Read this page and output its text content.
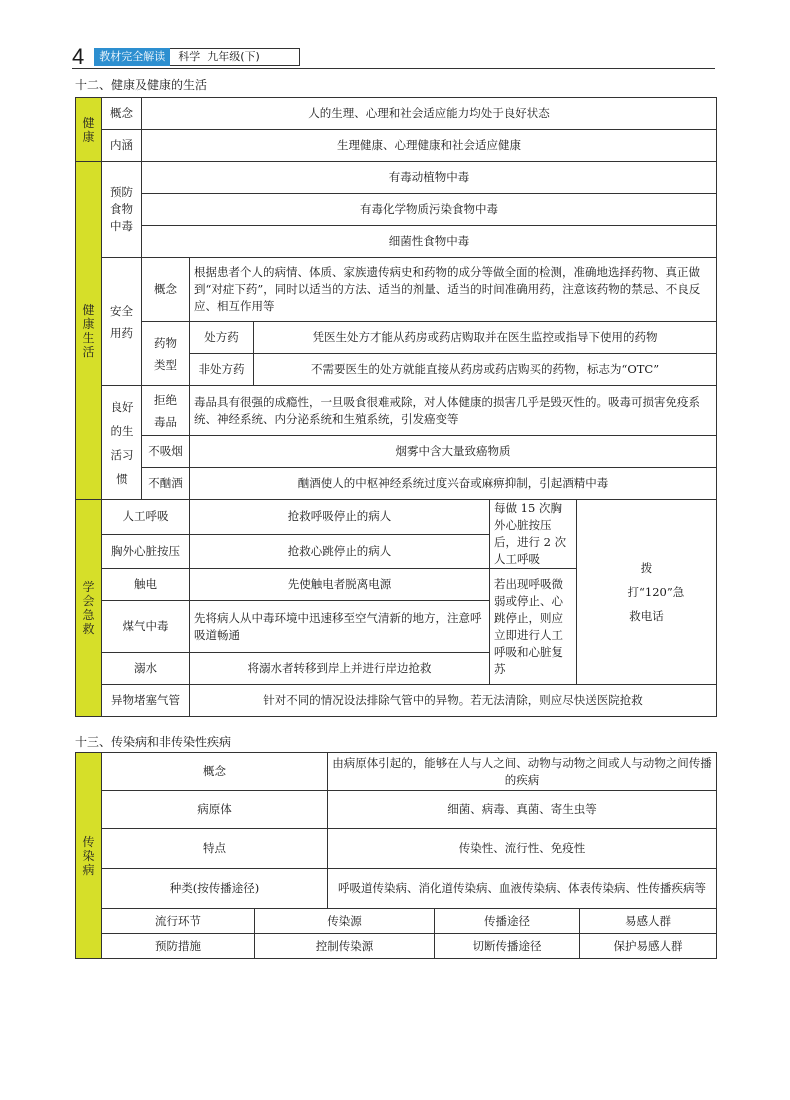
4	教材完全解读	科学 九年级(下)
十二、健康及健康的生活
健康	概念	人的生理、心理和社会适应能力均处于良好状态				
	内涵	生理健康、心理健康和社会适应健康				
健康生活	预防食物中毒	有毒动植物中毒				
		有毒化学物质污染食物中毒				
		细菌性食物中毒				
	安全用药	概念	根据患者个人的病情、体质、家族遗传病史和药物的成分等做全面的检测，准确地选择药物、真正做到“对症下药”，同时以适当的方法、适当的剂量、适当的时间准确用药，注意该药物的禁忌、不良反应、相互作用等			
		药物类型	处方药	凭医生处方才能从药房或药店购取并在医生监控或指导下使用的药物		
			非处方药	不需要医生的处方就能直接从药房或药店购买的药物，标志为“OTC”		
	良好的生活习惯	拒绝毒品	毒品具有很强的成瘾性，一旦吸食很难戒除，对人体健康的损害几乎是毁灭性的。吸毒可损害免疫系统、神经系统、内分泌系统和生殖系统，引发癌变等			
		不吸烟	烟雾中含大量致癌物质			
		不酗酒	酗酒使人的中枢神经系统过度兴奋或麻痹抑制，引起酒精中毒			

学会急救	人工呼吸		抢救呼吸停止的病人		每做 15 次胸外心脏按压后，进行 2 次人工呼吸	拨打“120”急救电话
	胸外心脏按压		抢救心跳停止的病人			
	触电		先使触电者脱离电源		若出现呼吸微弱或停止、心跳停止，则应立即进行人工呼吸和心脏复苏	
	煤气中毒		先将病人从中毒环境中迅速移至空气清新的地方，注意呼吸道畅通			
	溺水		将溺水者转移到岸上并进行岸边抢救			
	异物堵塞气管		针对不同的情况设法排除气管中的异物。若无法清除，则应尽快送医院抢救			
十三、传染病和非传染性疾病
传染病	概念		由病原体引起的，能够在人与人之间、动物与动物之间或人与动物之间传播的疾病		
	病原体		细菌、病毒、真菌、寄生虫等		
	特点		传染性、流行性、免疫性		
	种类(按传播途径)		呼吸道传染病、消化道传染病、血液传染病、体表传染病、性传播疾病等		
	流行环节	传染源		传播途径	易感人群
	预防措施	控制传染源		切断传播途径	保护易感人群
